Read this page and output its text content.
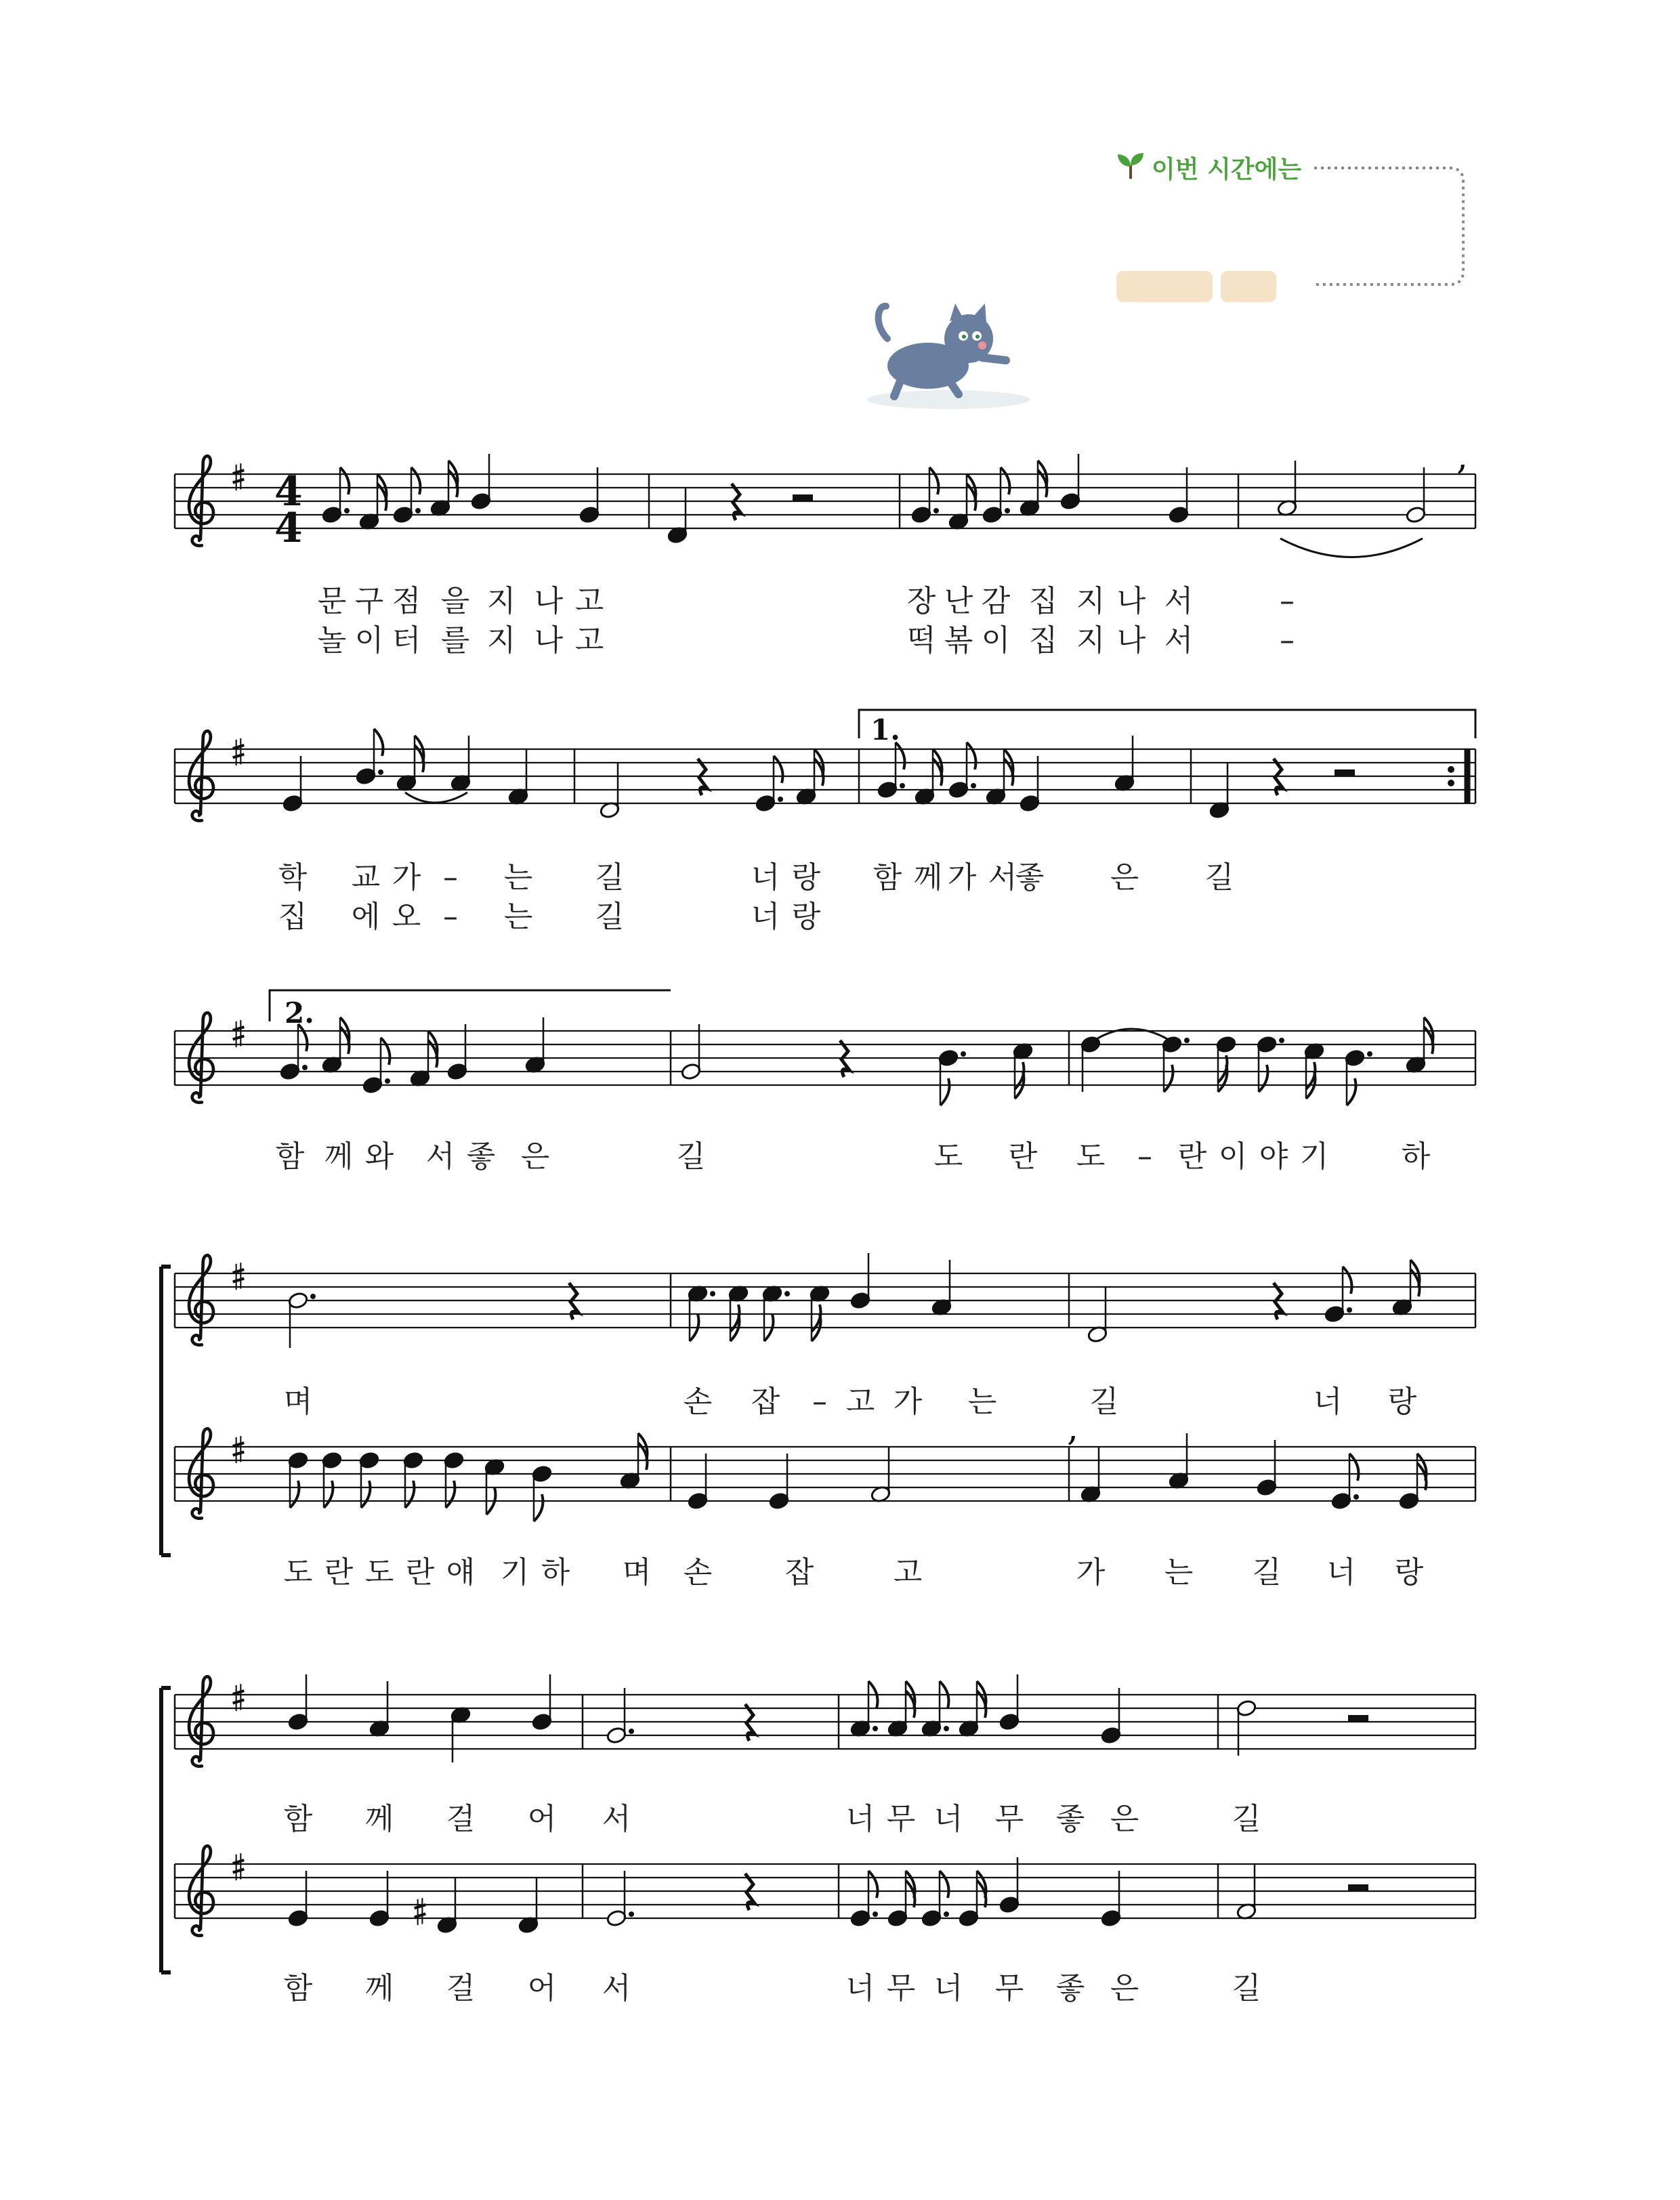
이번 시간에는
,
,
4
4
1.
2.
문 구 점 을 지 나 고	장 난 감 집 지 나 서	–
놀 이 터 를 지 나 고	떡 볶 이 집 지 나 서	–
학 교 가 – 는 길	너 랑 함 께 가 서
좋 은 길
집 에 오 – 는 길	너 랑
함 께 와 서 좋 은	길	도 란 도 – 란 이 야 기 하
며	손 잡 – 고 가 는	길	너 랑
도 란 도 란 얘 기 하 며 손 잡	고	가 는 길 너 랑
함 께 걸 어 서	너 무 너 무 좋 은	길
함 께 걸 어 서	너 무 너 무 좋 은	길
